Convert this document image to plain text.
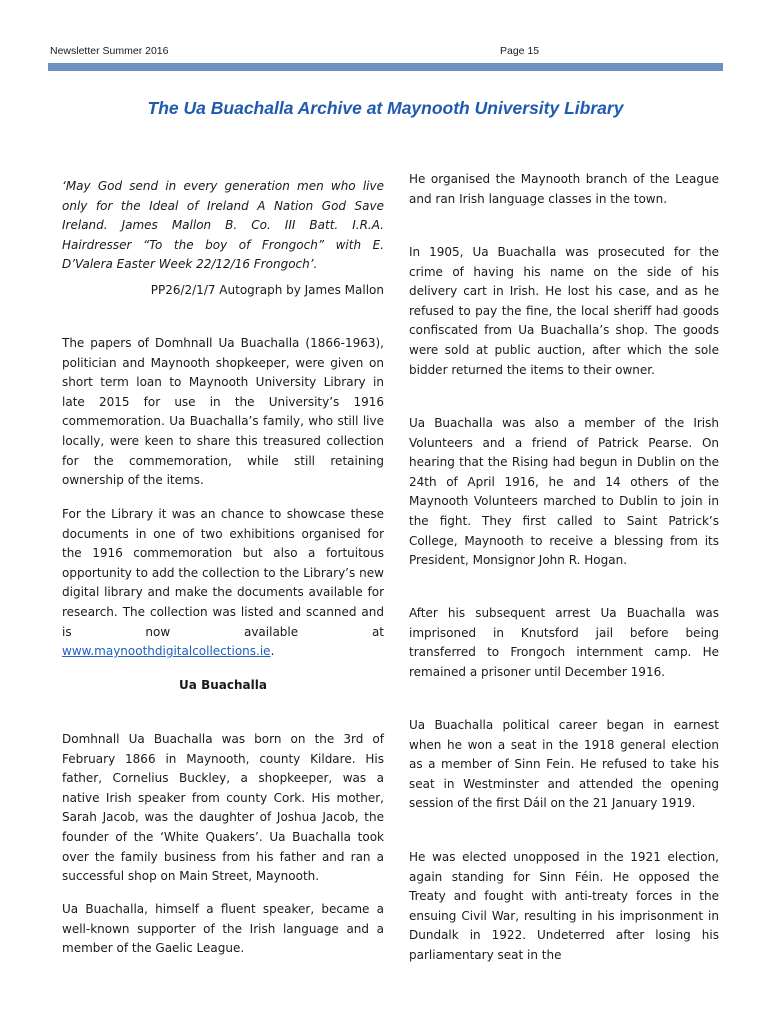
Newsletter Summer 2016	Page 15
The Ua Buachalla Archive at Maynooth University Library
‘May God send in every generation men who live only for the Ideal of Ireland A Nation God Save Ireland. James Mallon B. Co. III Batt. I.R.A. Hairdresser “To the boy of Frongoch” with E. D’Valera Easter Week 22/12/16 Frongoch’.
PP26/2/1/7 Autograph by James Mallon
The papers of Domhnall Ua Buachalla (1866-1963), politician and Maynooth shopkeeper, were given on short term loan to Maynooth University Library in late 2015 for use in the University’s 1916 commemoration. Ua Buachalla’s family, who still live locally, were keen to share this treasured collection for the commemoration, while still retaining ownership of the items.
For the Library it was an chance to showcase these documents in one of two exhibitions organised for the 1916 commemoration but also a fortuitous opportunity to add the collection to the Library’s new digital library and make the documents available for research. The collection was listed and scanned and is now available at www.maynoothdigitalcollections.ie.
Ua Buachalla
Domhnall Ua Buachalla was born on the 3rd of February 1866 in Maynooth, county Kildare. His father, Cornelius Buckley, a shopkeeper, was a native Irish speaker from county Cork. His mother, Sarah Jacob, was the daughter of Joshua Jacob, the founder of the ‘White Quakers’. Ua Buachalla took over the family business from his father and ran a successful shop on Main Street, Maynooth.
Ua Buachalla, himself a fluent speaker, became a well-known supporter of the Irish language and a member of the Gaelic League.
He organised the Maynooth branch of the League and ran Irish language classes in the town.
In 1905, Ua Buachalla was prosecuted for the crime of having his name on the side of his delivery cart in Irish. He lost his case, and as he refused to pay the fine, the local sheriff had goods confiscated from Ua Buachalla’s shop. The goods were sold at public auction, after which the sole bidder returned the items to their owner.
Ua Buachalla was also a member of the Irish Volunteers and a friend of Patrick Pearse. On hearing that the Rising had begun in Dublin on the 24th of April 1916, he and 14 others of the Maynooth Volunteers marched to Dublin to join in the fight. They first called to Saint Patrick’s College, Maynooth to receive a blessing from its President, Monsignor John R. Hogan.
After his subsequent arrest Ua Buachalla was imprisoned in Knutsford jail before being transferred to Frongoch internment camp. He remained a prisoner until December 1916.
Ua Buachalla political career began in earnest when he won a seat in the 1918 general election as a member of Sinn Fein. He refused to take his seat in Westminster and attended the opening session of the first Dáil on the 21 January 1919.
He was elected unopposed in the 1921 election, again standing for Sinn Féin. He opposed the Treaty and fought with anti-treaty forces in the ensuing Civil War, resulting in his imprisonment in Dundalk in 1922. Undeterred after losing his parliamentary seat in the
